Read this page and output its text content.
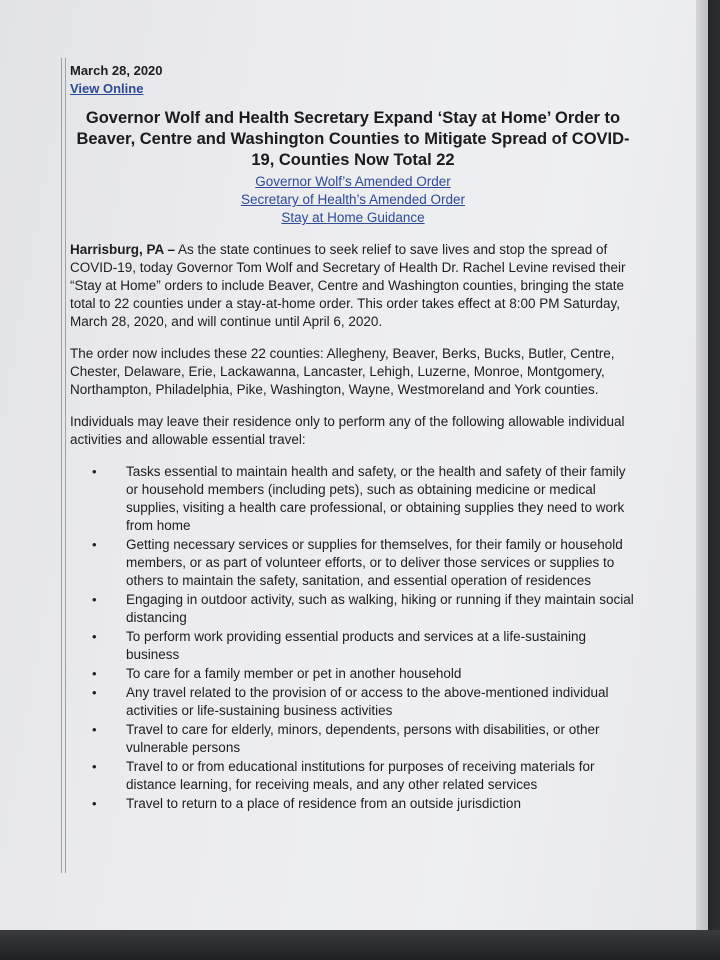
March 28, 2020
View Online
Governor Wolf and Health Secretary Expand ‘Stay at Home’ Order to Beaver, Centre and Washington Counties to Mitigate Spread of COVID-19, Counties Now Total 22
Governor Wolf’s Amended Order
Secretary of Health’s Amended Order
Stay at Home Guidance

Harrisburg, PA – As the state continues to seek relief to save lives and stop the spread of COVID-19, today Governor Tom Wolf and Secretary of Health Dr. Rachel Levine revised their “Stay at Home” orders to include Beaver, Centre and Washington counties, bringing the state total to 22 counties under a stay-at-home order. This order takes effect at 8:00 PM Saturday, March 28, 2020, and will continue until April 6, 2020.

The order now includes these 22 counties: Allegheny, Beaver, Berks, Bucks, Butler, Centre, Chester, Delaware, Erie, Lackawanna, Lancaster, Lehigh, Luzerne, Monroe, Montgomery, Northampton, Philadelphia, Pike, Washington, Wayne, Westmoreland and York counties.

Individuals may leave their residence only to perform any of the following allowable individual activities and allowable essential travel:

• Tasks essential to maintain health and safety, or the health and safety of their family or household members (including pets), such as obtaining medicine or medical supplies, visiting a health care professional, or obtaining supplies they need to work from home
• Getting necessary services or supplies for themselves, for their family or household members, or as part of volunteer efforts, or to deliver those services or supplies to others to maintain the safety, sanitation, and essential operation of residences
• Engaging in outdoor activity, such as walking, hiking or running if they maintain social distancing
• To perform work providing essential products and services at a life-sustaining business
• To care for a family member or pet in another household
• Any travel related to the provision of or access to the above-mentioned individual activities or life-sustaining business activities
• Travel to care for elderly, minors, dependents, persons with disabilities, or other vulnerable persons
• Travel to or from educational institutions for purposes of receiving materials for distance learning, for receiving meals, and any other related services
• Travel to return to a place of residence from an outside jurisdiction
